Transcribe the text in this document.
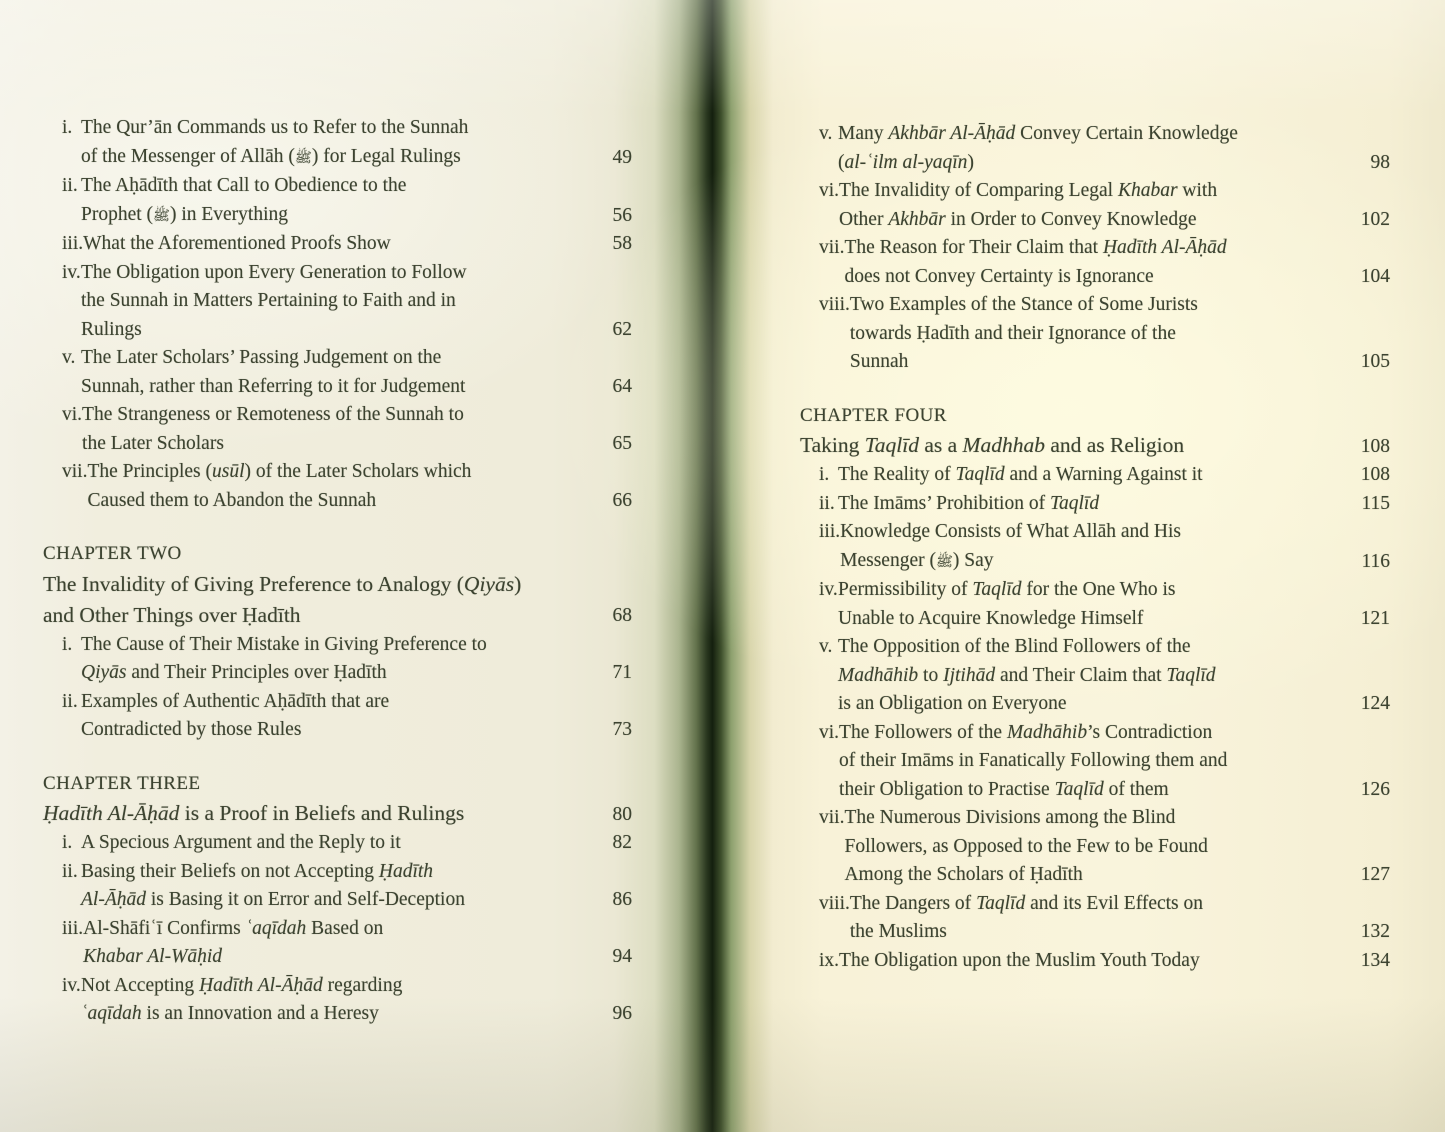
i. The Qur’ān Commands us to Refer to the Sunnah
of the Messenger of Allāh (ﷺ) for Legal Rulings	49
ii. The Aḥādīth that Call to Obedience to the
Prophet (ﷺ) in Everything	56
iii. What the Aforementioned Proofs Show	58
iv. The Obligation upon Every Generation to Follow
the Sunnah in Matters Pertaining to Faith and in
Rulings	62
v. The Later Scholars’ Passing Judgement on the
Sunnah, rather than Referring to it for Judgement	64
vi. The Strangeness or Remoteness of the Sunnah to
the Later Scholars	65
vii. The Principles (usūl) of the Later Scholars which
Caused them to Abandon the Sunnah	66
CHAPTER TWO
The Invalidity of Giving Preference to Analogy (Qiyās)
and Other Things over Ḥadīth	68
i. The Cause of Their Mistake in Giving Preference to
Qiyās and Their Principles over Ḥadīth	71
ii. Examples of Authentic Aḥādīth that are
Contradicted by those Rules	73
CHAPTER THREE
Ḥadīth Al-Āḥād is a Proof in Beliefs and Rulings	80
i. A Specious Argument and the Reply to it	82
ii. Basing their Beliefs on not Accepting Ḥadīth
Al-Āḥād is Basing it on Error and Self-Deception	86
iii. Al-Shāfiʿī Confirms ʿaqīdah Based on
Khabar Al-Wāḥid	94
iv. Not Accepting Ḥadīth Al-Āḥād regarding
ʿaqīdah is an Innovation and a Heresy	96
v. Many Akhbār Al-Āḥād Convey Certain Knowledge
(al-ʿilm al-yaqīn)	98
vi. The Invalidity of Comparing Legal Khabar with
Other Akhbār in Order to Convey Knowledge	102
vii. The Reason for Their Claim that Ḥadīth Al-Āḥād
does not Convey Certainty is Ignorance	104
viii. Two Examples of the Stance of Some Jurists
towards Ḥadīth and their Ignorance of the
Sunnah	105
CHAPTER FOUR
Taking Taqlīd as a Madhhab and as Religion	108
i. The Reality of Taqlīd and a Warning Against it	108
ii. The Imāms’ Prohibition of Taqlīd	115
iii. Knowledge Consists of What Allāh and His
Messenger (ﷺ) Say	116
iv. Permissibility of Taqlīd for the One Who is
Unable to Acquire Knowledge Himself	121
v. The Opposition of the Blind Followers of the
Madhāhib to Ijtihād and Their Claim that Taqlīd
is an Obligation on Everyone	124
vi. The Followers of the Madhāhib’s Contradiction
of their Imāms in Fanatically Following them and
their Obligation to Practise Taqlīd of them	126
vii. The Numerous Divisions among the Blind
Followers, as Opposed to the Few to be Found
Among the Scholars of Ḥadīth	127
viii. The Dangers of Taqlīd and its Evil Effects on
the Muslims	132
ix. The Obligation upon the Muslim Youth Today	134
